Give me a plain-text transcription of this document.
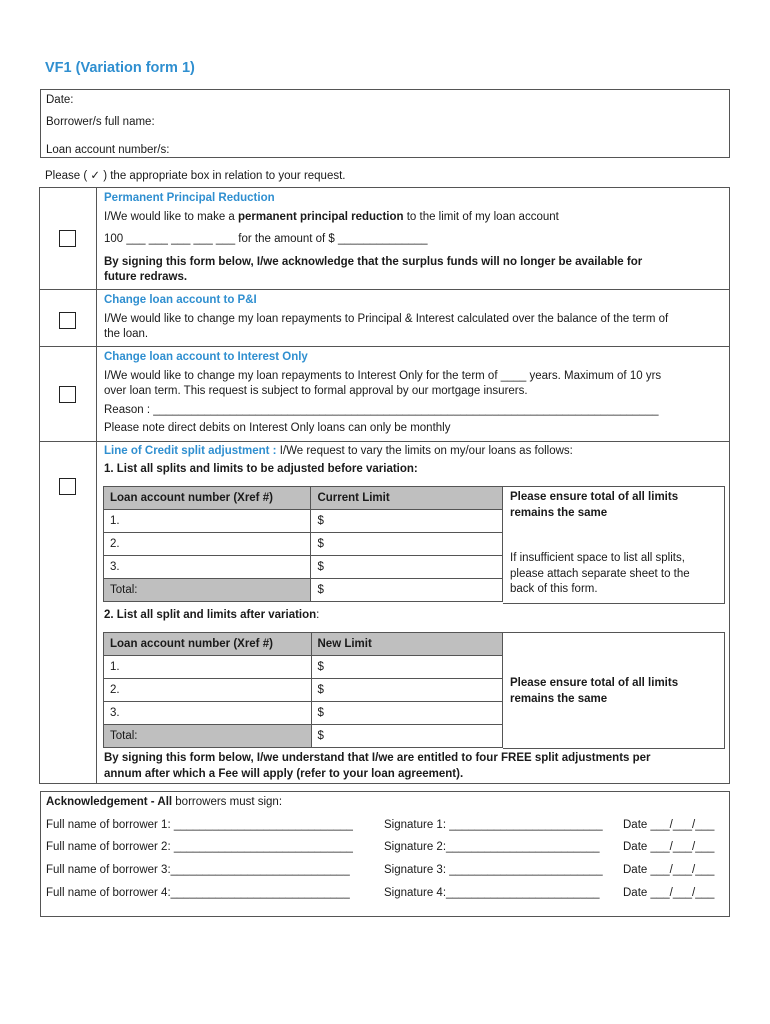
VF1 (Variation form 1)
Date:
Borrower/s full name:
Loan account number/s:
Please ( ✓ ) the appropriate box in relation to your request.
Permanent Principal Reduction
I/We would like to make a permanent principal reduction to the limit of my loan account
100 ___ ___ ___ ___ ___ for the amount of $ ______________
By signing this form below, I/we acknowledge that the surplus funds will no longer be available for
future redraws.
Change loan account to P&I
I/We would like to change my loan repayments to Principal & Interest calculated over the balance of the term of
the loan.
Change loan account to Interest Only
I/We would like to change my loan repayments to Interest Only for the term of ____ years. Maximum of 10 yrs
over loan term. This request is subject to formal approval by our mortgage insurers.
Reason : _______________________________________________________________________________
Please note direct debits on Interest Only loans can only be monthly
Line of Credit split adjustment : I/We request to vary the limits on my/our loans as follows:
1. List all splits and limits to be adjusted before variation:
Loan account number (Xref #)	Current Limit
1.	$
2.	$
3.	$
Total:	$
Please ensure total of all limits
remains the same
If insufficient space to list all splits,
please attach separate sheet to the
back of this form.
2. List all split and limits after variation:
Loan account number (Xref #)	New Limit
1.	$
2.	$
3.	$
Total:	$
Please ensure total of all limits
remains the same
By signing this form below, I/we understand that I/we are entitled to four FREE split adjustments per
annum after which a Fee will apply (refer to your loan agreement).
Acknowledgement - All borrowers must sign:
Full name of borrower 1: ____________________________	Signature 1: ________________________ Date ___/___/___
Full name of borrower 2: ____________________________	Signature 2:________________________ Date ___/___/___
Full name of borrower 3:____________________________	Signature 3: ________________________ Date ___/___/___
Full name of borrower 4:____________________________	Signature 4:________________________ Date ___/___/___
